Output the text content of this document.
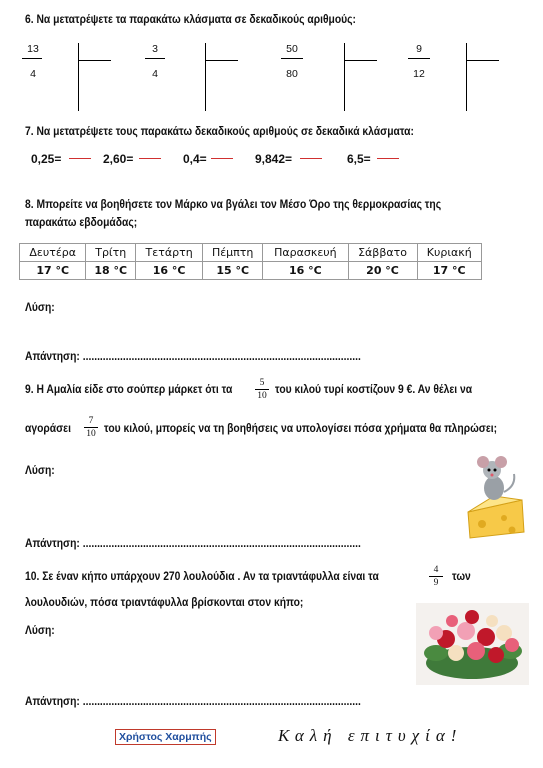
6. Να μετατρέψετε τα παρακάτω κλάσματα σε δεκαδικούς αριθμούς:
13
4
3
4
50
80
9
12
7. Να μετατρέψετε τους παρακάτω δεκαδικούς αριθμούς σε δεκαδικά κλάσματα:
0,25=	2,60=	0,4=	9,842=	6,5=
8. Μπορείτε να βοηθήσετε τον Μάρκο να βγάλει τον Μέσο Όρο της θερμοκρασίας της
παρακάτω εβδομάδας;
Δευτέρα	Τρίτη	Τετάρτη	Πέμπτη	Παρασκευή	Σάββατο	Κυριακή
17 °C	18 °C	16 °C	15 °C	16 °C	20 °C	17 °C
Λύση:
Απάντηση: .................................................................................................
9. Η Αμαλία είδε στο σούπερ μάρκετ ότι τα	5
10 του κιλού τυρί κοστίζουν 9 €. Αν θέλει να
αγοράσει	7
10 του κιλού, μπορείς να τη βοηθήσεις να υπολογίσει πόσα χρήματα θα πληρώσει;
Λύση:
Απάντηση: .................................................................................................
10. Σε έναν κήπο υπάρχουν 270 λουλούδια . Αν τα τριαντάφυλλα είναι τα	4
9	των
λουλουδιών, πόσα τριαντάφυλλα βρίσκονται στον κήπο;
Λύση:
Απάντηση: .................................................................................................
Χρήστος Χαρμπής	Καλή επιτυχία!
